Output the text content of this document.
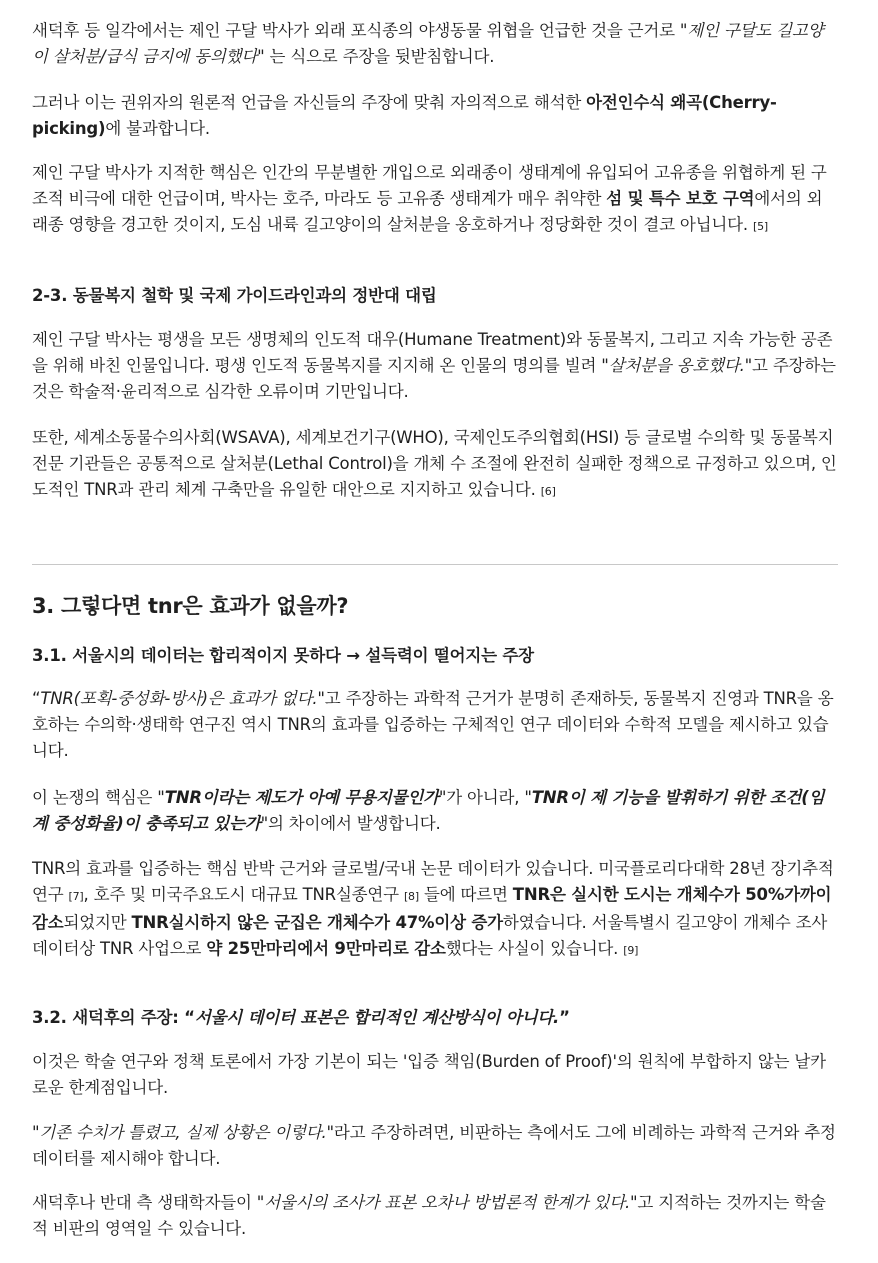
새덕후 등 일각에서는 제인 구달 박사가 외래 포식종의 야생동물 위협을 언급한 것을 근거로 "제인 구달도 길고양이 살처분/급식 금지에 동의했다" 는 식으로 주장을 뒷받침합니다.

그러나 이는 권위자의 원론적 언급을 자신들의 주장에 맞춰 자의적으로 해석한 아전인수식 왜곡(Cherry-picking)에 불과합니다.

제인 구달 박사가 지적한 핵심은 인간의 무분별한 개입으로 외래종이 생태계에 유입되어 고유종을 위협하게 된 구조적 비극에 대한 언급이며, 박사는 호주, 마라도 등 고유종 생태계가 매우 취약한 섬 및 특수 보호 구역에서의 외래종 영향을 경고한 것이지, 도심 내륙 길고양이의 살처분을 옹호하거나 정당화한 것이 결코 아닙니다. [5]

2-3. 동물복지 철학 및 국제 가이드라인과의 정반대 대립

제인 구달 박사는 평생을 모든 생명체의 인도적 대우(Humane Treatment)와 동물복지, 그리고 지속 가능한 공존을 위해 바친 인물입니다. 평생 인도적 동물복지를 지지해 온 인물의 명의를 빌려 "살처분을 옹호했다."고 주장하는 것은 학술적·윤리적으로 심각한 오류이며 기만입니다.

또한, 세계소동물수의사회(WSAVA), 세계보건기구(WHO), 국제인도주의협회(HSI) 등 글로벌 수의학 및 동물복지 전문 기관들은 공통적으로 살처분(Lethal Control)을 개체 수 조절에 완전히 실패한 정책으로 규정하고 있으며, 인도적인 TNR과 관리 체계 구축만을 유일한 대안으로 지지하고 있습니다. [6]

3. 그렇다면 tnr은 효과가 없을까?
3.1. 서울시의 데이터는 합리적이지 못하다 → 설득력이 떨어지는 주장

“TNR(포획-중성화-방사)은 효과가 없다."고 주장하는 과학적 근거가 분명히 존재하듯, 동물복지 진영과 TNR을 옹호하는 수의학·생태학 연구진 역시 TNR의 효과를 입증하는 구체적인 연구 데이터와 수학적 모델을 제시하고 있습니다.

이 논쟁의 핵심은 "TNR이라는 제도가 아예 무용지물인가"가 아니라, "TNR이 제 기능을 발휘하기 위한 조건(임계 중성화율)이 충족되고 있는가"의 차이에서 발생합니다.

TNR의 효과를 입증하는 핵심 반박 근거와 글로벌/국내 논문 데이터가 있습니다. 미국플로리다대학 28년 장기추적연구 [7], 호주 및 미국주요도시 대규묘 TNR실종연구 [8] 들에 따르면 TNR은 실시한 도시는 개체수가 50%가까이 감소되었지만 TNR실시하지 않은 군집은 개체수가 47%이상 증가하였습니다. 서울특별시 길고양이 개체수 조사데이터상 TNR 사업으로 약 25만마리에서 9만마리로 감소했다는 사실이 있습니다. [9]

3.2. 새덕후의 주장: “서울시 데이터 표본은 합리적인 계산방식이 아니다.”

이것은 학술 연구와 정책 토론에서 가장 기본이 되는 '입증 책임(Burden of Proof)'의 원칙에 부합하지 않는 날카로운 한계점입니다.

"기존 수치가 틀렸고, 실제 상황은 이렇다."라고 주장하려면, 비판하는 측에서도 그에 비례하는 과학적 근거와 추정 데이터를 제시해야 합니다.

새덕후나 반대 측 생태학자들이 "서울시의 조사가 표본 오차나 방법론적 한계가 있다."고 지적하는 것까지는 학술적 비판의 영역일 수 있습니다.
